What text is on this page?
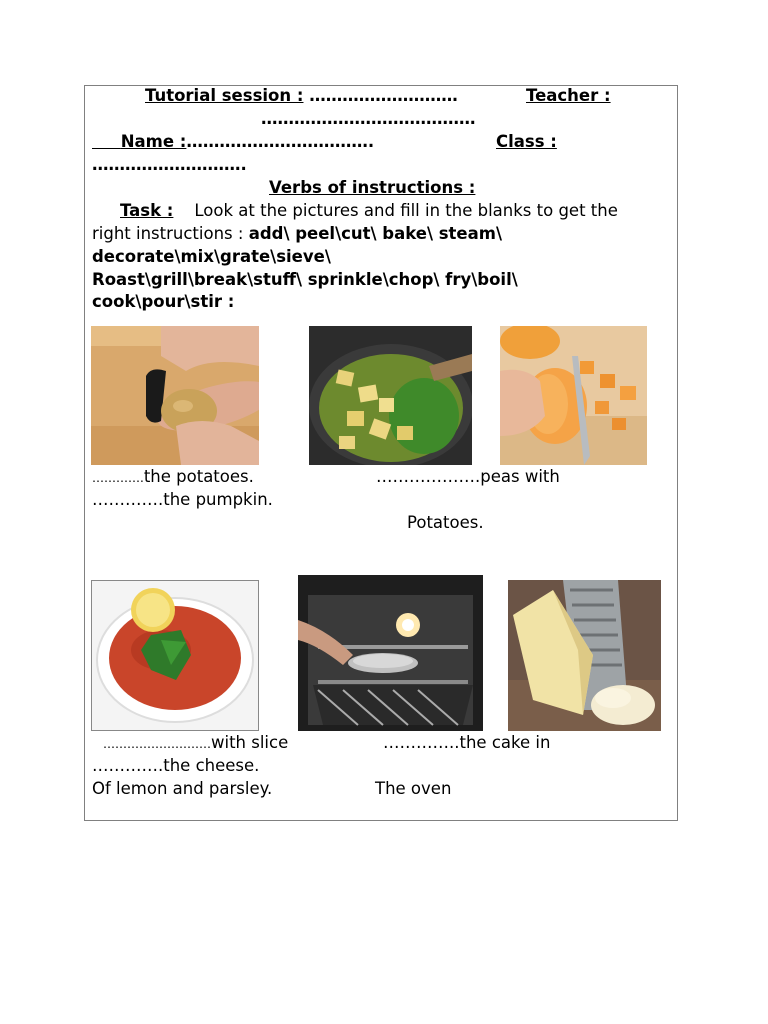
Tutorial session : ………………………	Teacher :
…………………………………
Name :…………………………….	Class :
……………………….
Verbs of instructions :
Task : Look at the pictures and fill in the blanks to get the
right instructions : add\ peel\cut\ bake\ steam\
decorate\mix\grate\sieve\
Roast\grill\break\stuff\ sprinkle\chop\ fry\boil\
cook\pour\stir :
………….the potatoes.	……………….peas with
………….the pumpkin.
Potatoes.
………………………with slice	…………..the cake in
………….the cheese.
Of lemon and parsley.	The oven
